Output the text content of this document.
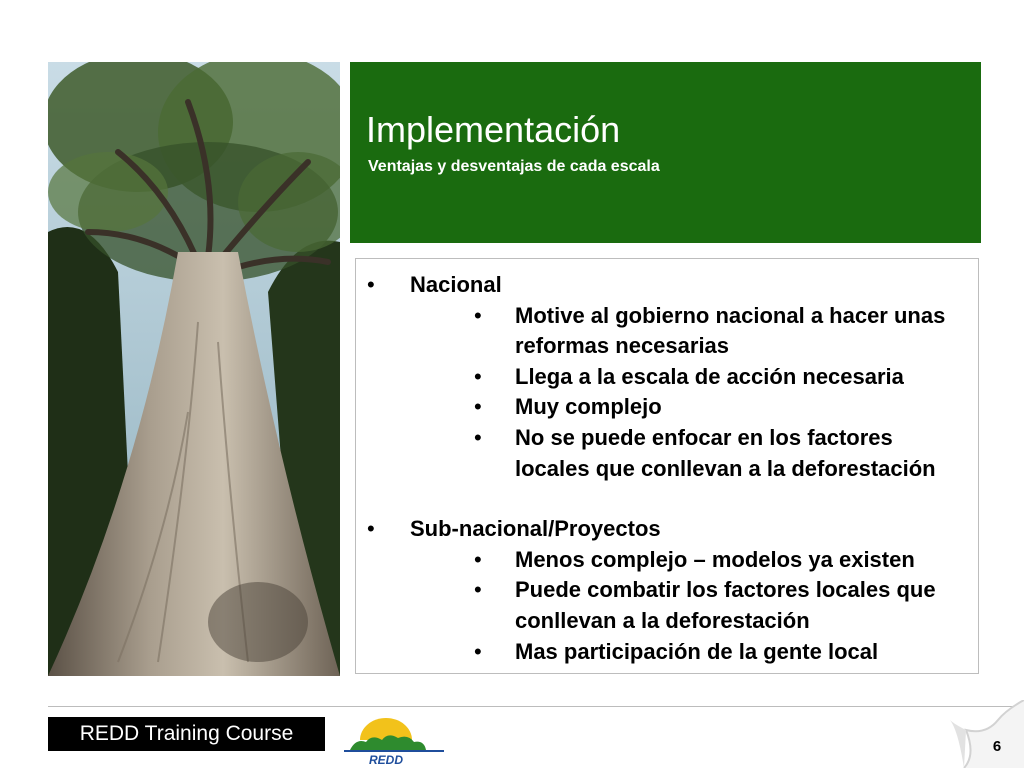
Implementación
Ventajas y desventajas de cada escala
• Nacional
• Motive al gobierno nacional a hacer unas reformas necesarias
• Llega a la escala de acción necesaria
• Muy complejo
• No se puede enfocar en los factores locales que conllevan a la deforestación
• Sub-nacional/Proyectos
• Menos complejo – modelos ya existen
• Puede combatir los factores locales que conllevan a la deforestación
• Mas participación de la gente local
REDD Training Course
REDD
6
